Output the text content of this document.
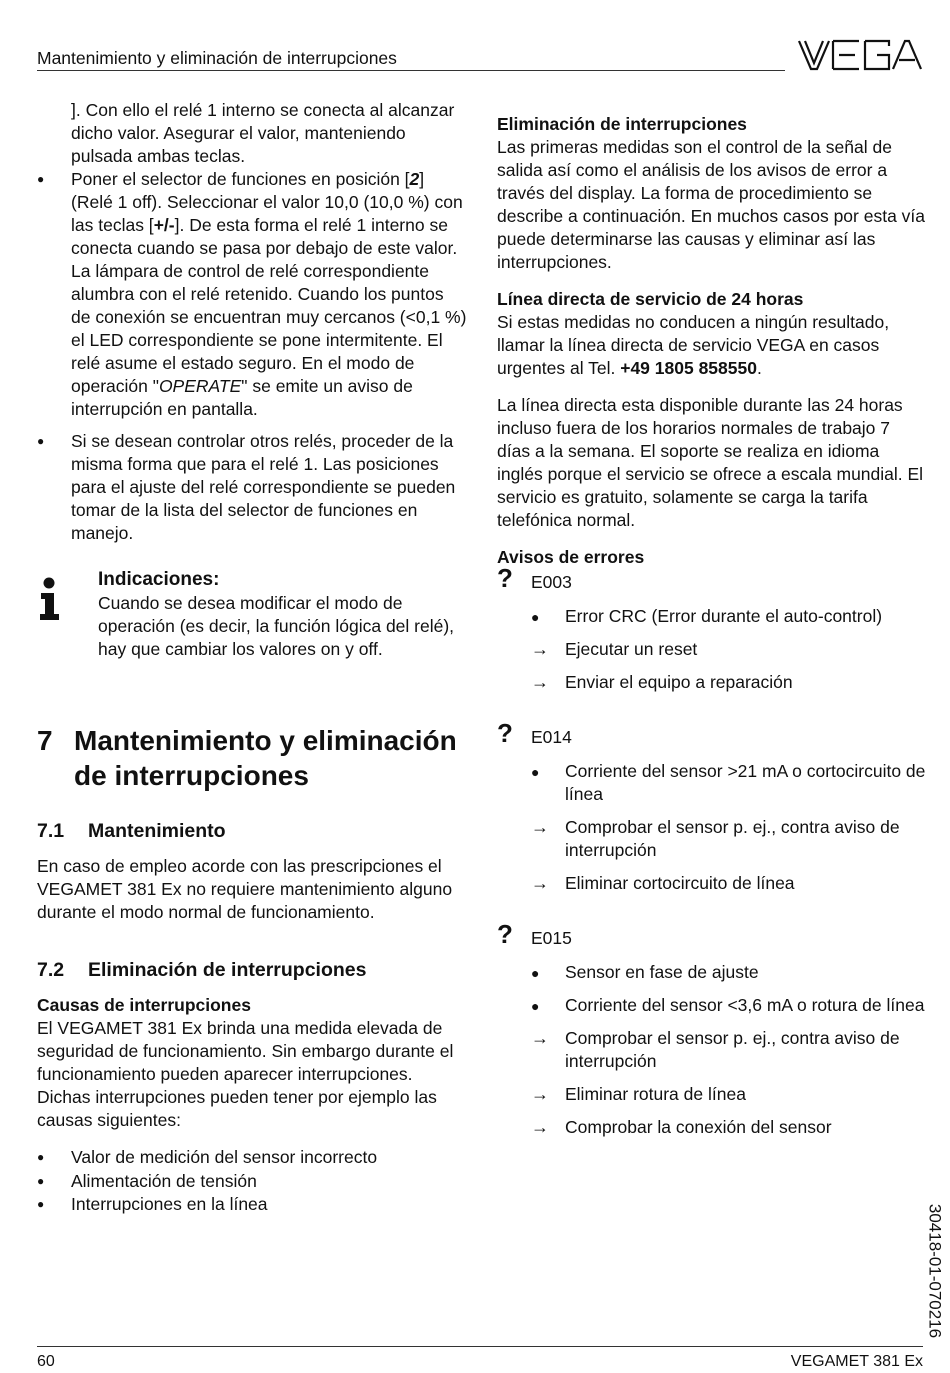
Mantenimiento y eliminación de interrupciones

]. Con ello el relé 1 interno se conecta al alcanzar dicho valor. Asegurar el valor, manteniendo pulsada ambas teclas.

● Poner el selector de funciones en posición [2] (Relé 1 off). Seleccionar el valor 10,0 (10,0 %) con las teclas [+/-]. De esta forma el relé 1 interno se conecta cuando se pasa por debajo de este valor. La lámpara de control de relé correspondiente alumbra con el relé retenido. Cuando los puntos de conexión se encuentran muy cercanos (<0,1 %) el LED correspondiente se pone intermitente. El relé asume el estado seguro. En el modo de operación "OPERATE" se emite un aviso de interrupción en pantalla.

● Si se desean controlar otros relés, proceder de la misma forma que para el relé 1. Las posiciones para el ajuste del relé correspondiente se pueden tomar de la lista del selector de funciones en manejo.

Indicaciones:

Cuando se desea modificar el modo de operación (es decir, la función lógica del relé), hay que cambiar los valores on y off.

7 Mantenimiento y eliminación de interrupciones
7.1 Mantenimiento

En caso de empleo acorde con las prescripciones el VEGAMET 381 Ex no requiere mantenimiento alguno durante el modo normal de funcionamiento.

7.2 Eliminación de interrupciones

Causas de interrupciones

El VEGAMET 381 Ex brinda una medida elevada de seguridad de funcionamiento. Sin embargo durante el funcionamiento pueden aparecer interrupciones. Dichas interrupciones pueden tener por ejemplo las causas siguientes:

● Valor de medición del sensor incorrecto

● Alimentación de tensión

● Interrupciones en la línea

Eliminación de interrupciones

Las primeras medidas son el control de la señal de salida así como el análisis de los avisos de error a través del display. La forma de procedimiento se describe a continuación. En muchos casos por esta vía puede determinarse las causas y eliminar así las interrupciones.

Línea directa de servicio de 24 horas

Si estas medidas no conducen a ningún resultado, llamar la línea directa de servicio VEGA en casos urgentes al Tel. +49 1805 858550.

La línea directa esta disponible durante las 24 horas incluso fuera de los horarios normales de trabajo 7 días a la semana. El soporte se realiza en idioma inglés porque el servicio se ofrece a escala mundial. El servicio es gratuito, solamente se carga la tarifa telefónica normal.

Avisos de errores

? E003
●
Error CRC (Error durante el auto-control)
→ Ejecutar un reset
→ Enviar el equipo a reparación
? E014
●
Corriente del sensor >21 mA o cortocircuito de línea
→ Comprobar el sensor p. ej., contra aviso de interrupción
→ Eliminar cortocircuito de línea
? E015
●
Sensor en fase de ajuste
●
Corriente del sensor <3,6 mA o rotura de línea
→ Comprobar el sensor p. ej., contra aviso de interrupción
→ Eliminar rotura de línea
→ Comprobar la conexión del sensor
30418-01-070216
60	VEGAMET 381 Ex
